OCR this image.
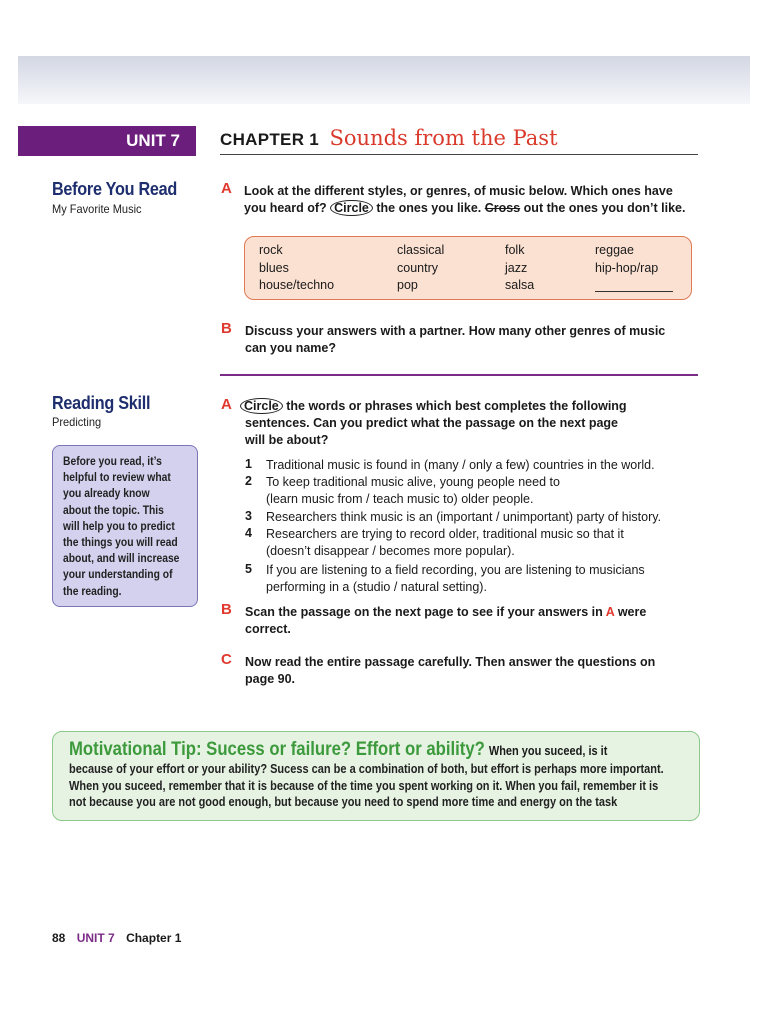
UNIT 7 CHAPTER 1 Sounds from the Past
Before You Read
My Favorite Music
A Look at the different styles, or genres, of music below. Which ones have
you heard of? Circle the ones you like. Cross out the ones you don’t like.
rock	classical	folk	reggae
blues	country	jazz	hip-hop/rap
house/techno	pop	salsa
B Discuss your answers with a partner. How many other genres of music
can you name?
Reading Skill
Predicting
Before you read, it’s
helpful to review what
you already know
about the topic. This
will help you to predict
the things you will read
about, and will increase
your understanding of
the reading.
A Circle the words or phrases which best completes the following
sentences. Can you predict what the passage on the next page
will be about?
1 Traditional music is found in (many / only a few) countries in the world.
2 To keep traditional music alive, young people need to
(learn music from / teach music to) older people.
3 Researchers think music is an (important / unimportant) party of history.
4 Researchers are trying to record older, traditional music so that it
(doesn’t disappear / becomes more popular).
5 If you are listening to a field recording, you are listening to musicians
performing in a (studio / natural setting).
B Scan the passage on the next page to see if your answers in A were
correct.
C Now read the entire passage carefully. Then answer the questions on
page 90.
Motivational Tip: Sucess or failure? Effort or ability? When you suceed, is it
because of your effort or your ability? Sucess can be a combination of both, but effort is perhaps more important.
When you suceed, remember that it is because of the time you spent working on it. When you fail, remember it is
not because you are not good enough, but because you need to spend more time and energy on the task
88 UNIT 7 Chapter 1
